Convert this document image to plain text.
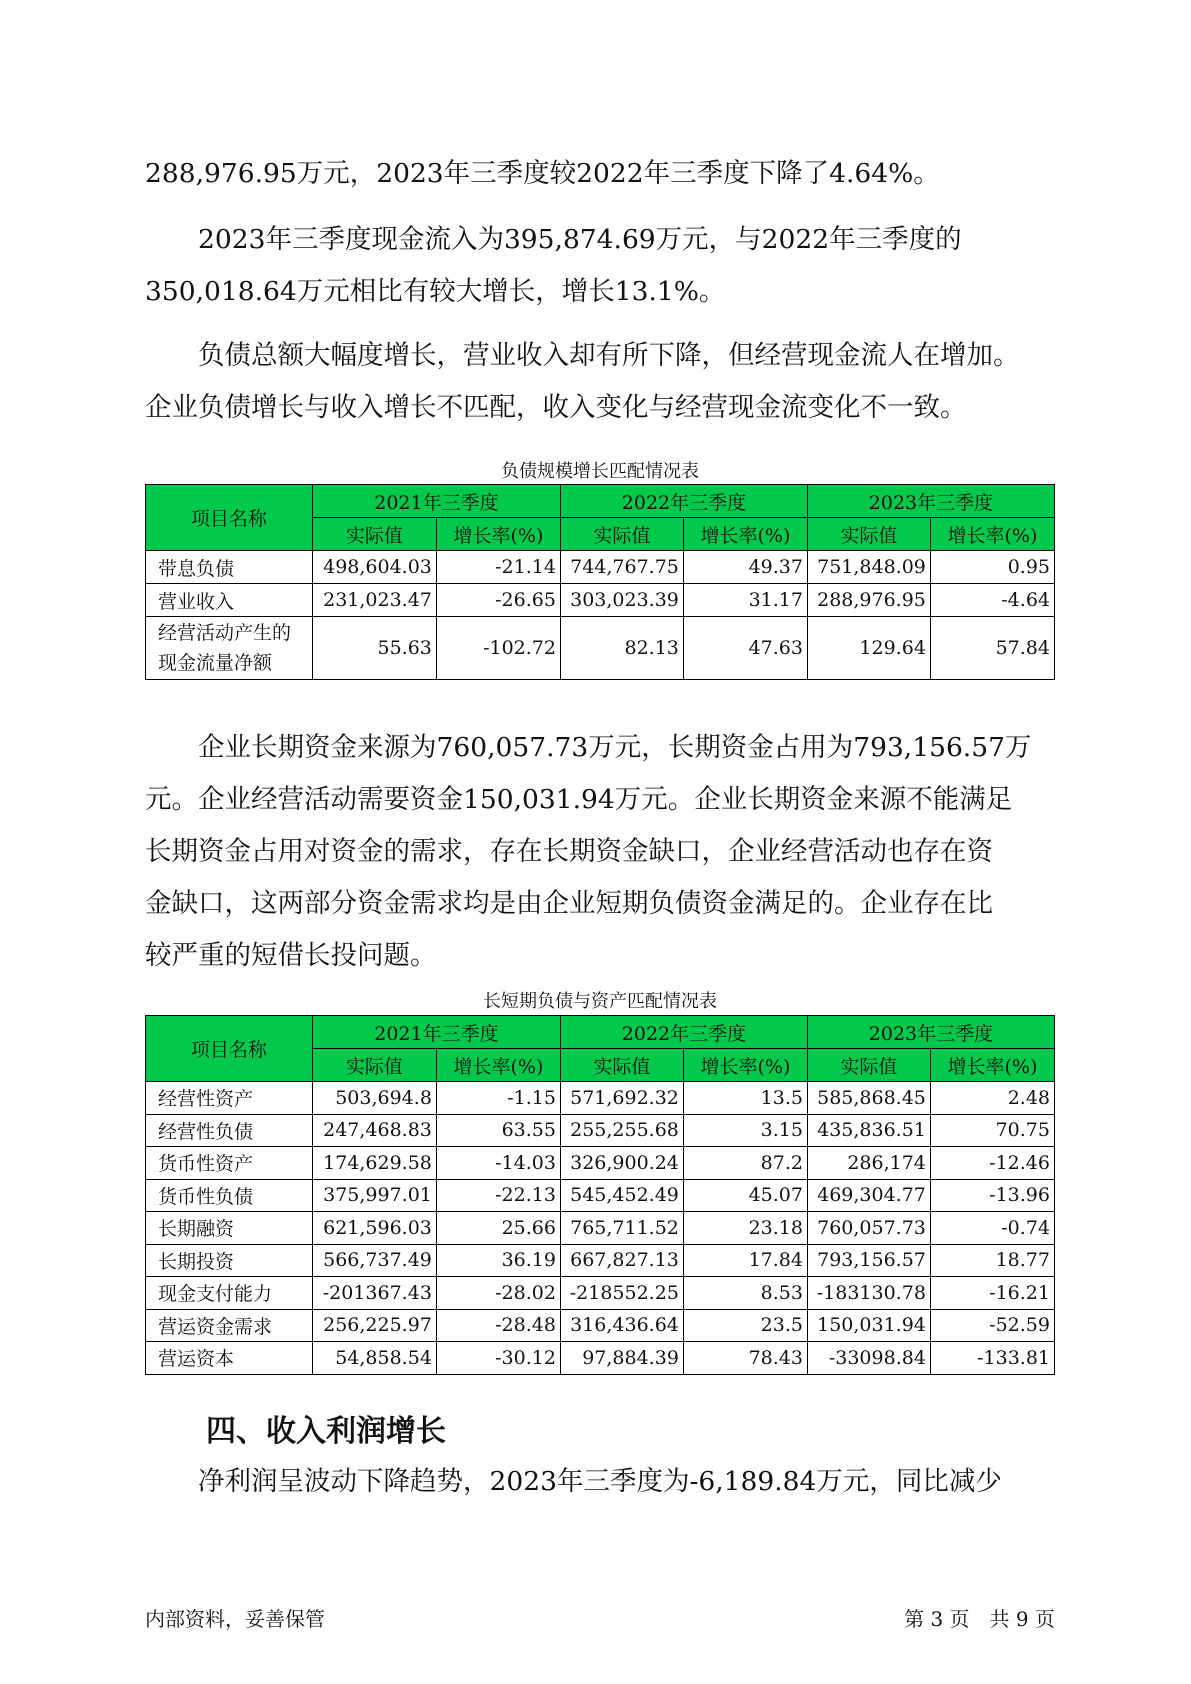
288,976.95万元，2023年三季度较2022年三季度下降了4.64%。
　　2023年三季度现金流入为395,874.69万元，与2022年三季度的
350,018.64万元相比有较大增长，增长13.1%。
　　负债总额大幅度增长，营业收入却有所下降，但经营现金流人在增加。
企业负债增长与收入增长不匹配，收入变化与经营现金流变化不一致。
负债规模增长匹配情况表
项目名称	2021年三季度		2022年三季度		2023年三季度	
	实际值	增长率(%)	实际值	增长率(%)	实际值	增长率(%)
带息负债	498,604.03	-21.14	744,767.75	49.37	751,848.09	0.95
营业收入	231,023.47	-26.65	303,023.39	31.17	288,976.95	-4.64
经营活动产生的现金流量净额	55.63	-102.72	82.13	47.63	129.64	57.84
　　企业长期资金来源为760,057.73万元，长期资金占用为793,156.57万
元。企业经营活动需要资金150,031.94万元。企业长期资金来源不能满足
长期资金占用对资金的需求，存在长期资金缺口，企业经营活动也存在资
金缺口，这两部分资金需求均是由企业短期负债资金满足的。企业存在比
较严重的短借长投问题。
长短期负债与资产匹配情况表
项目名称	2021年三季度		2022年三季度		2023年三季度	
	实际值	增长率(%)	实际值	增长率(%)	实际值	增长率(%)
经营性资产	503,694.8	-1.15	571,692.32	13.5	585,868.45	2.48
经营性负债	247,468.83	63.55	255,255.68	3.15	435,836.51	70.75
货币性资产	174,629.58	-14.03	326,900.24	87.2	286,174	-12.46
货币性负债	375,997.01	-22.13	545,452.49	45.07	469,304.77	-13.96
长期融资	621,596.03	25.66	765,711.52	23.18	760,057.73	-0.74
长期投资	566,737.49	36.19	667,827.13	17.84	793,156.57	18.77
现金支付能力	-201367.43	-28.02	-218552.25	8.53	-183130.78	-16.21
营运资金需求	256,225.97	-28.48	316,436.64	23.5	150,031.94	-52.59
营运资本	54,858.54	-30.12	97,884.39	78.43	-33098.84	-133.81
四、收入利润增长
　　净利润呈波动下降趋势，2023年三季度为-6,189.84万元，同比减少
内部资料，妥善保管	第 3 页　共 9 页
